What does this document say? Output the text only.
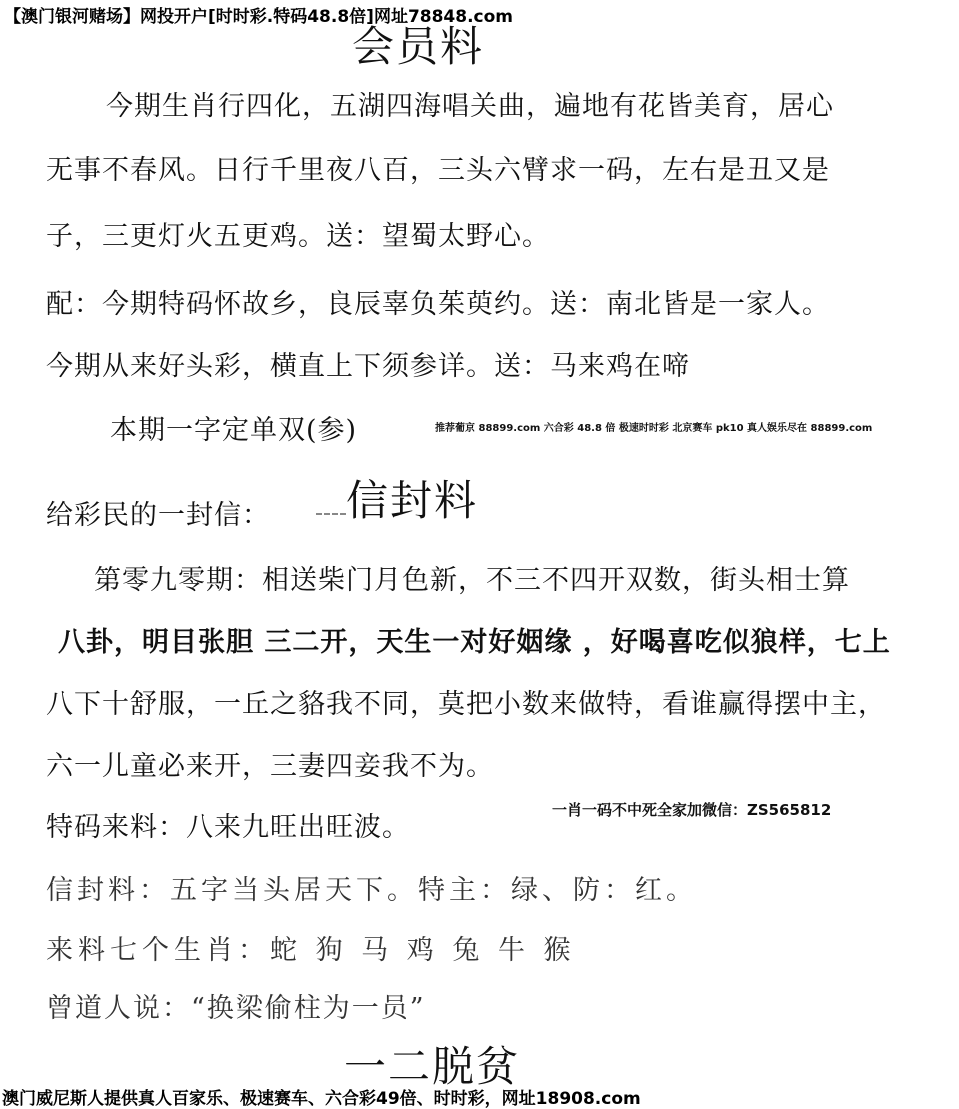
【澳门银河赌场】网投开户[时时彩.特码48.8倍]网址78848.com
会员料
今期生肖行四化，五湖四海唱关曲，遍地有花皆美育，居心
无事不春风。日行千里夜八百，三头六臂求一码，左右是丑又是
子，三更灯火五更鸡。送：望蜀太野心。
配：今期特码怀故乡，良辰辜负茱萸约。送：南北皆是一家人。
今期从来好头彩，横直上下须参详。送：马来鸡在啼
本期一字定单双(参)	推荐葡京 88899.com 六合彩 48.8 倍 极速时时彩 北京赛车 pk10 真人娱乐尽在 88899.com
给彩民的一封信： 信封料
第零九零期：相送柴门月色新，不三不四开双数，街头相士算
八卦，明目张胆 三二开，天生一对好姻缘 ，好喝喜吃似狼样，七上
八下十舒服，一丘之貉我不同，莫把小数来做特，看谁赢得摆中主，
六一儿童必来开，三妻四妾我不为。
特码来料：八来九旺出旺波。
一肖一码不中死全家加微信：ZS565812
信封料：五字当头居天下。特主：绿、防：红。
来料七个生肖：蛇 狗 马 鸡 兔 牛 猴
曾道人说：“换梁偷柱为一员”
一二脱贫
澳门威尼斯人提供真人百家乐、极速赛车、六合彩49倍、时时彩，网址18908.com
